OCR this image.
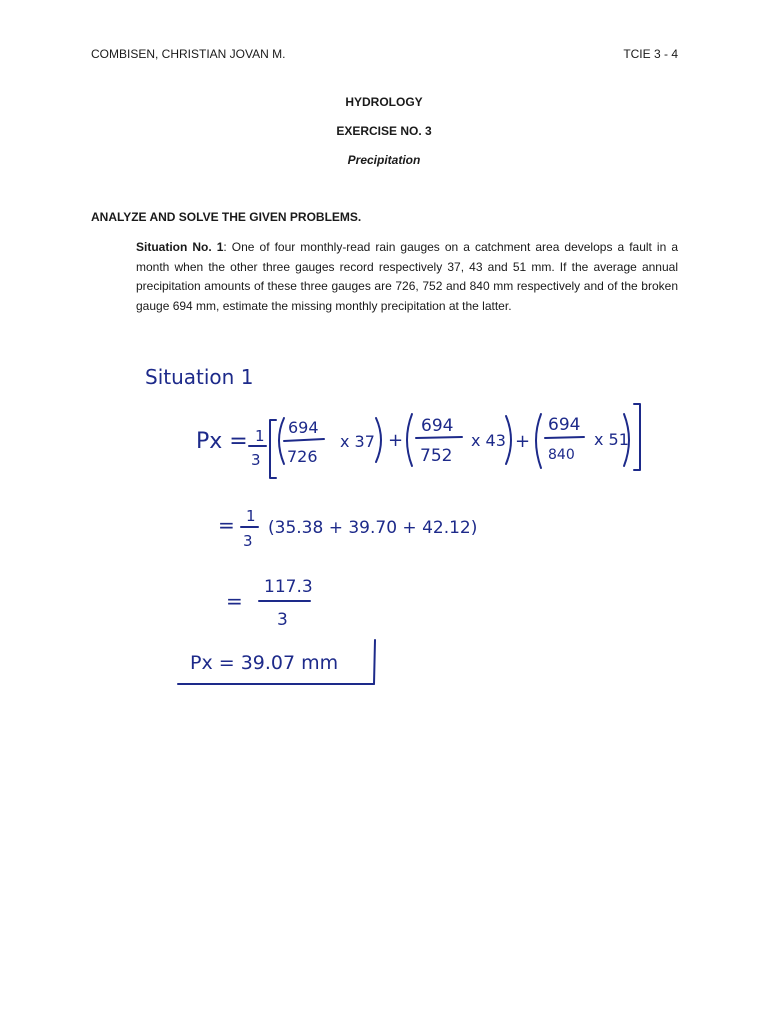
COMBISEN, CHRISTIAN JOVAN M.	TCIE 3 - 4
HYDROLOGY
EXERCISE NO. 3
Precipitation
ANALYZE AND SOLVE THE GIVEN PROBLEMS.
Situation No. 1: One of four monthly-read rain gauges on a catchment area develops a fault in a month when the other three gauges record respectively 37, 43 and 51 mm. If the average annual precipitation amounts of these three gauges are 726, 752 and 840 mm respectively and of the broken gauge 694 mm, estimate the missing monthly precipitation at the latter.
Situation 1
Px = 1
3
694
726
x 37 +
694
752
x 43 +
694
840
x 51
= 1
3
(35.38 + 39.70 + 42.12)
=
117.3
3
Px = 39.07 mm
